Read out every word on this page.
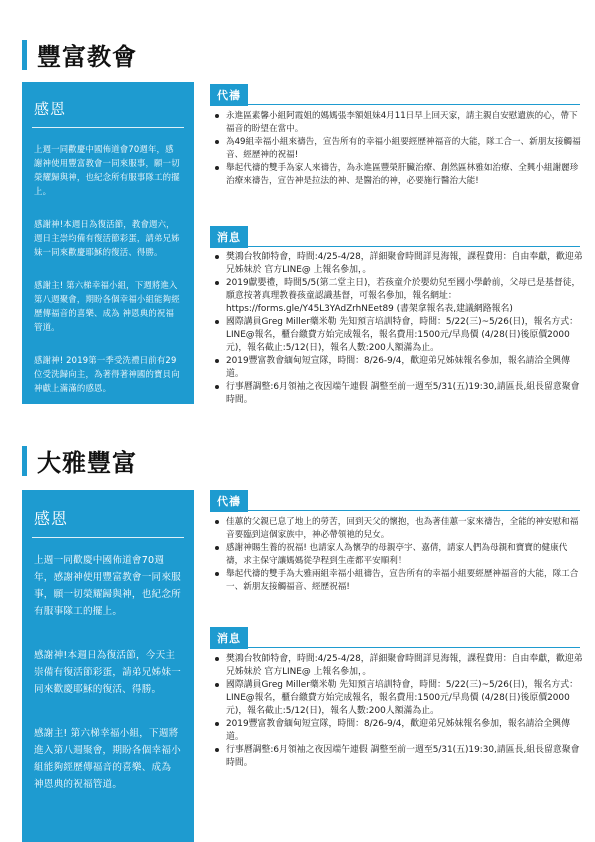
豐富教會
感恩
上週一同歡慶中國佈道會70週年，感謝神使用豐富教會一同來服事，願一切榮耀歸與神，也紀念所有服事隊工的擺上。
感謝神!本週日為復活節，教會週六，週日主崇均備有復活節彩蛋，請弟兄姊妹一同來歡慶耶穌的復活、得勝。
感謝主! 第六梯幸福小組，下週將進入第八週聚會，期盼各個幸福小組能夠經歷傳福音的喜樂、成為 神恩典的祝福管道。
感謝神! 2019第一季受洗禮日前有29位受洗歸向主，為著得著神國的寶貝向神獻上滿滿的感恩。
代禱
永進區素馨小組阿霞姐的媽媽張李額姐妹4月11日早上回天家，請主親自安慰遺族的心，帶下福音的盼望在當中。
為49組幸福小組來禱告，宣告所有的幸福小組要經歷神福音的大能，隊工合一、新朋友接觸福音、經歷神的祝福!
舉起代禱的雙手為家人來禱告，為永進區豐榮肝臟治療、創然區林雅如治療、全興小組謝麗珍治療來禱告，宣告神是拉法的神、是醫治的神，必要施行醫治大能!
消息
樊鴻台牧師特會，時間:4/25-4/28，詳細聚會時間詳見海報，課程費用：自由奉獻，歡迎弟兄姊妹於 官方LINE@ 上報名參加，。
2019獻嬰禮，時間5/5(第二堂主日)，若孩童介於嬰幼兒至國小學齡前，父母已是基督徒，願意按著真理教養孩童認識基督，可報名參加，報名網址：https://forms.gle/Y45L3YAdZrhNEet89 (書架拿報名表,建議網路報名)
國際講員Greg Miller藥米勒 先知預言培訓特會，時間：5/22(三)~5/26(日)，報名方式：LINE@報名，櫃台繳費方始完成報名，報名費用:1500元/早鳥價 (4/28(日)後原價2000元)，報名截止:5/12(日)，報名人數:200人額滿為止。
2019豐富教會緬甸短宣隊，時間：8/26-9/4，歡迎弟兄姊妹報名參加，報名請洽全興傳道。
行事曆調整:6月領袖之夜因端午連假 調整至前一週至5/31(五)19:30,請區長,組長留意聚會時間。
大雅豐富
感恩
上週一同歡慶中國佈道會70週年，感謝神使用豐富教會一同來服事，願一切榮耀歸與神，也紀念所有服事隊工的擺上。
感謝神!本週日為復活節，今天主崇備有復活節彩蛋，請弟兄姊妹一同來歡慶耶穌的復活、得勝。
感謝主! 第六梯幸福小組，下週將進入第八週聚會，期盼各個幸福小組能夠經歷傳福音的喜樂、成為 神恩典的祝福管道。
代禱
佳蕙的父親已息了地上的勞苦，回到天父的懷抱，也為著佳蕙一家來禱告，全能的神安慰和福音要臨到這個家族中，神必帶領祂的兒女。
感謝神賜生養的祝福! 也請家人為懷孕的母親亭宇、嘉倩，請家人們為母親和寶寶的健康代禱，求主保守讓媽媽從孕程到生產都平安順利！
舉起代禱的雙手為大雅兩組幸福小組禱告，宣告所有的幸福小組要經歷神福音的大能，隊工合一、新朋友接觸福音、經歷祝福!
消息
樊鴻台牧師特會，時間:4/25-4/28，詳細聚會時間詳見海報，課程費用：自由奉獻，歡迎弟兄姊妹於 官方LINE@ 上報名參加，。
國際講員Greg Miller藥米勒 先知預言培訓特會，時間：5/22(三)~5/26(日)，報名方式：LINE@報名，櫃台繳費方始完成報名，報名費用:1500元/早鳥價 (4/28(日)後原價2000元)，報名截止:5/12(日)，報名人數:200人額滿為止。
2019豐富教會緬甸短宣隊，時間：8/26-9/4，歡迎弟兄姊妹報名參加，報名請洽全興傳道。
行事曆調整:6月領袖之夜因端午連假 調整至前一週至5/31(五)19:30,請區長,組長留意聚會時間。
